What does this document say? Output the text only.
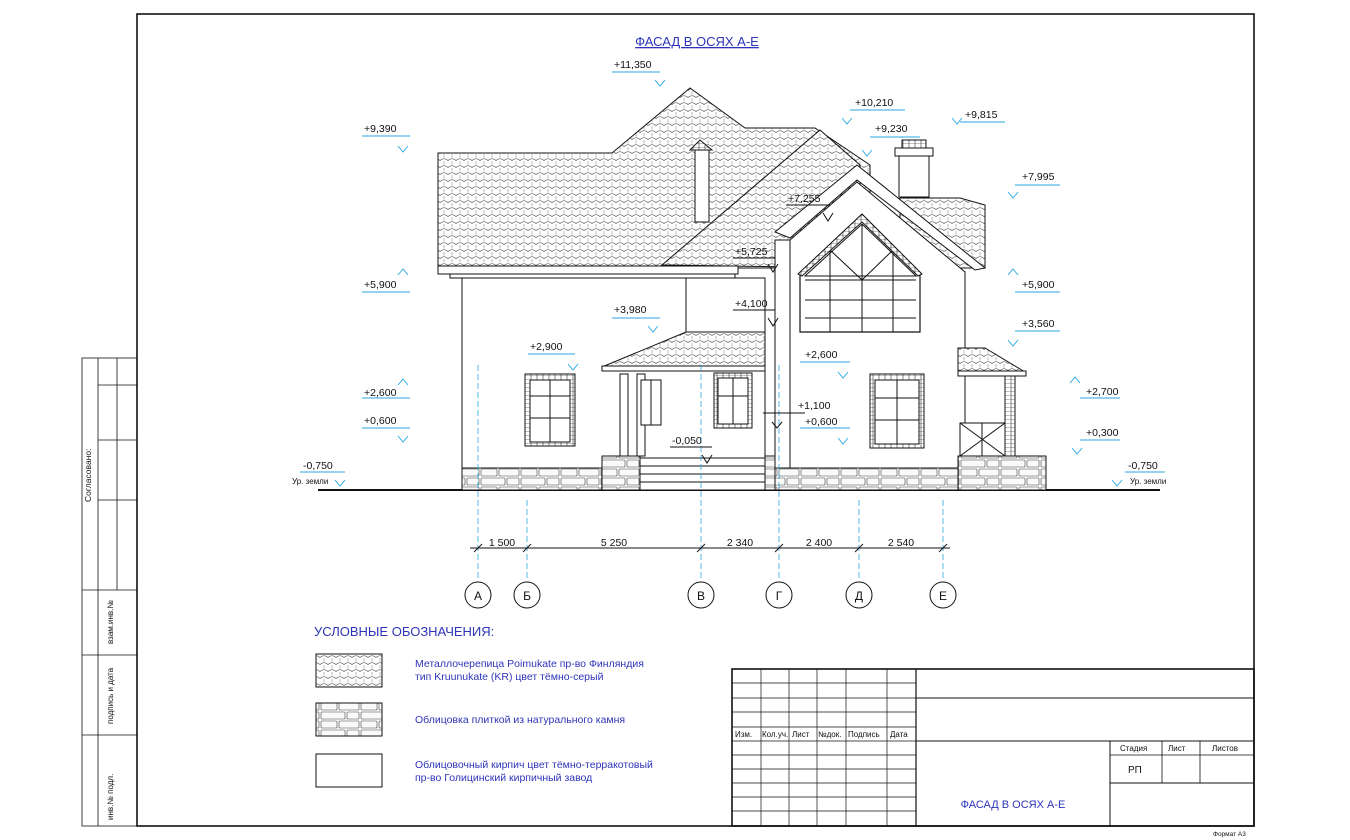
Согласовано:
взам.инв.№
подпись и дата
инв.№ подл.
ФАСАД В ОСЯХ А-Е
+11,350
+10,210
+9,230
+9,815
+9,390
+7,995
+7,255
+5,725
+5,900	+5,900
+4,100
+3,980
+3,560
+2,900
+2,600
+2,600
+2,700
+1,100
+0,600	+0,600
+0,300
-0,050
-0,750	-0,750
Ур. земли	Ур. земли
1 500	5 250	2 340	2 400	2 540
А	Б	В	Г	Д	Е
УСЛОВНЫЕ ОБОЗНАЧЕНИЯ:
Металлочерепица Poimukate пр-во Финляндия
тип Kruunukate (KR) цвет тёмно-серый
Облицовка плиткой из натурального камня
Облицовочный кирпич цвет тёмно-терракотовый
пр-во Голицинский кирпичный завод
Изм. Кол.уч. Лист №док. Подпись Дата
Стадия	Лист	Листов
РП
ФАСАД В ОСЯХ А-Е
Формат А3
